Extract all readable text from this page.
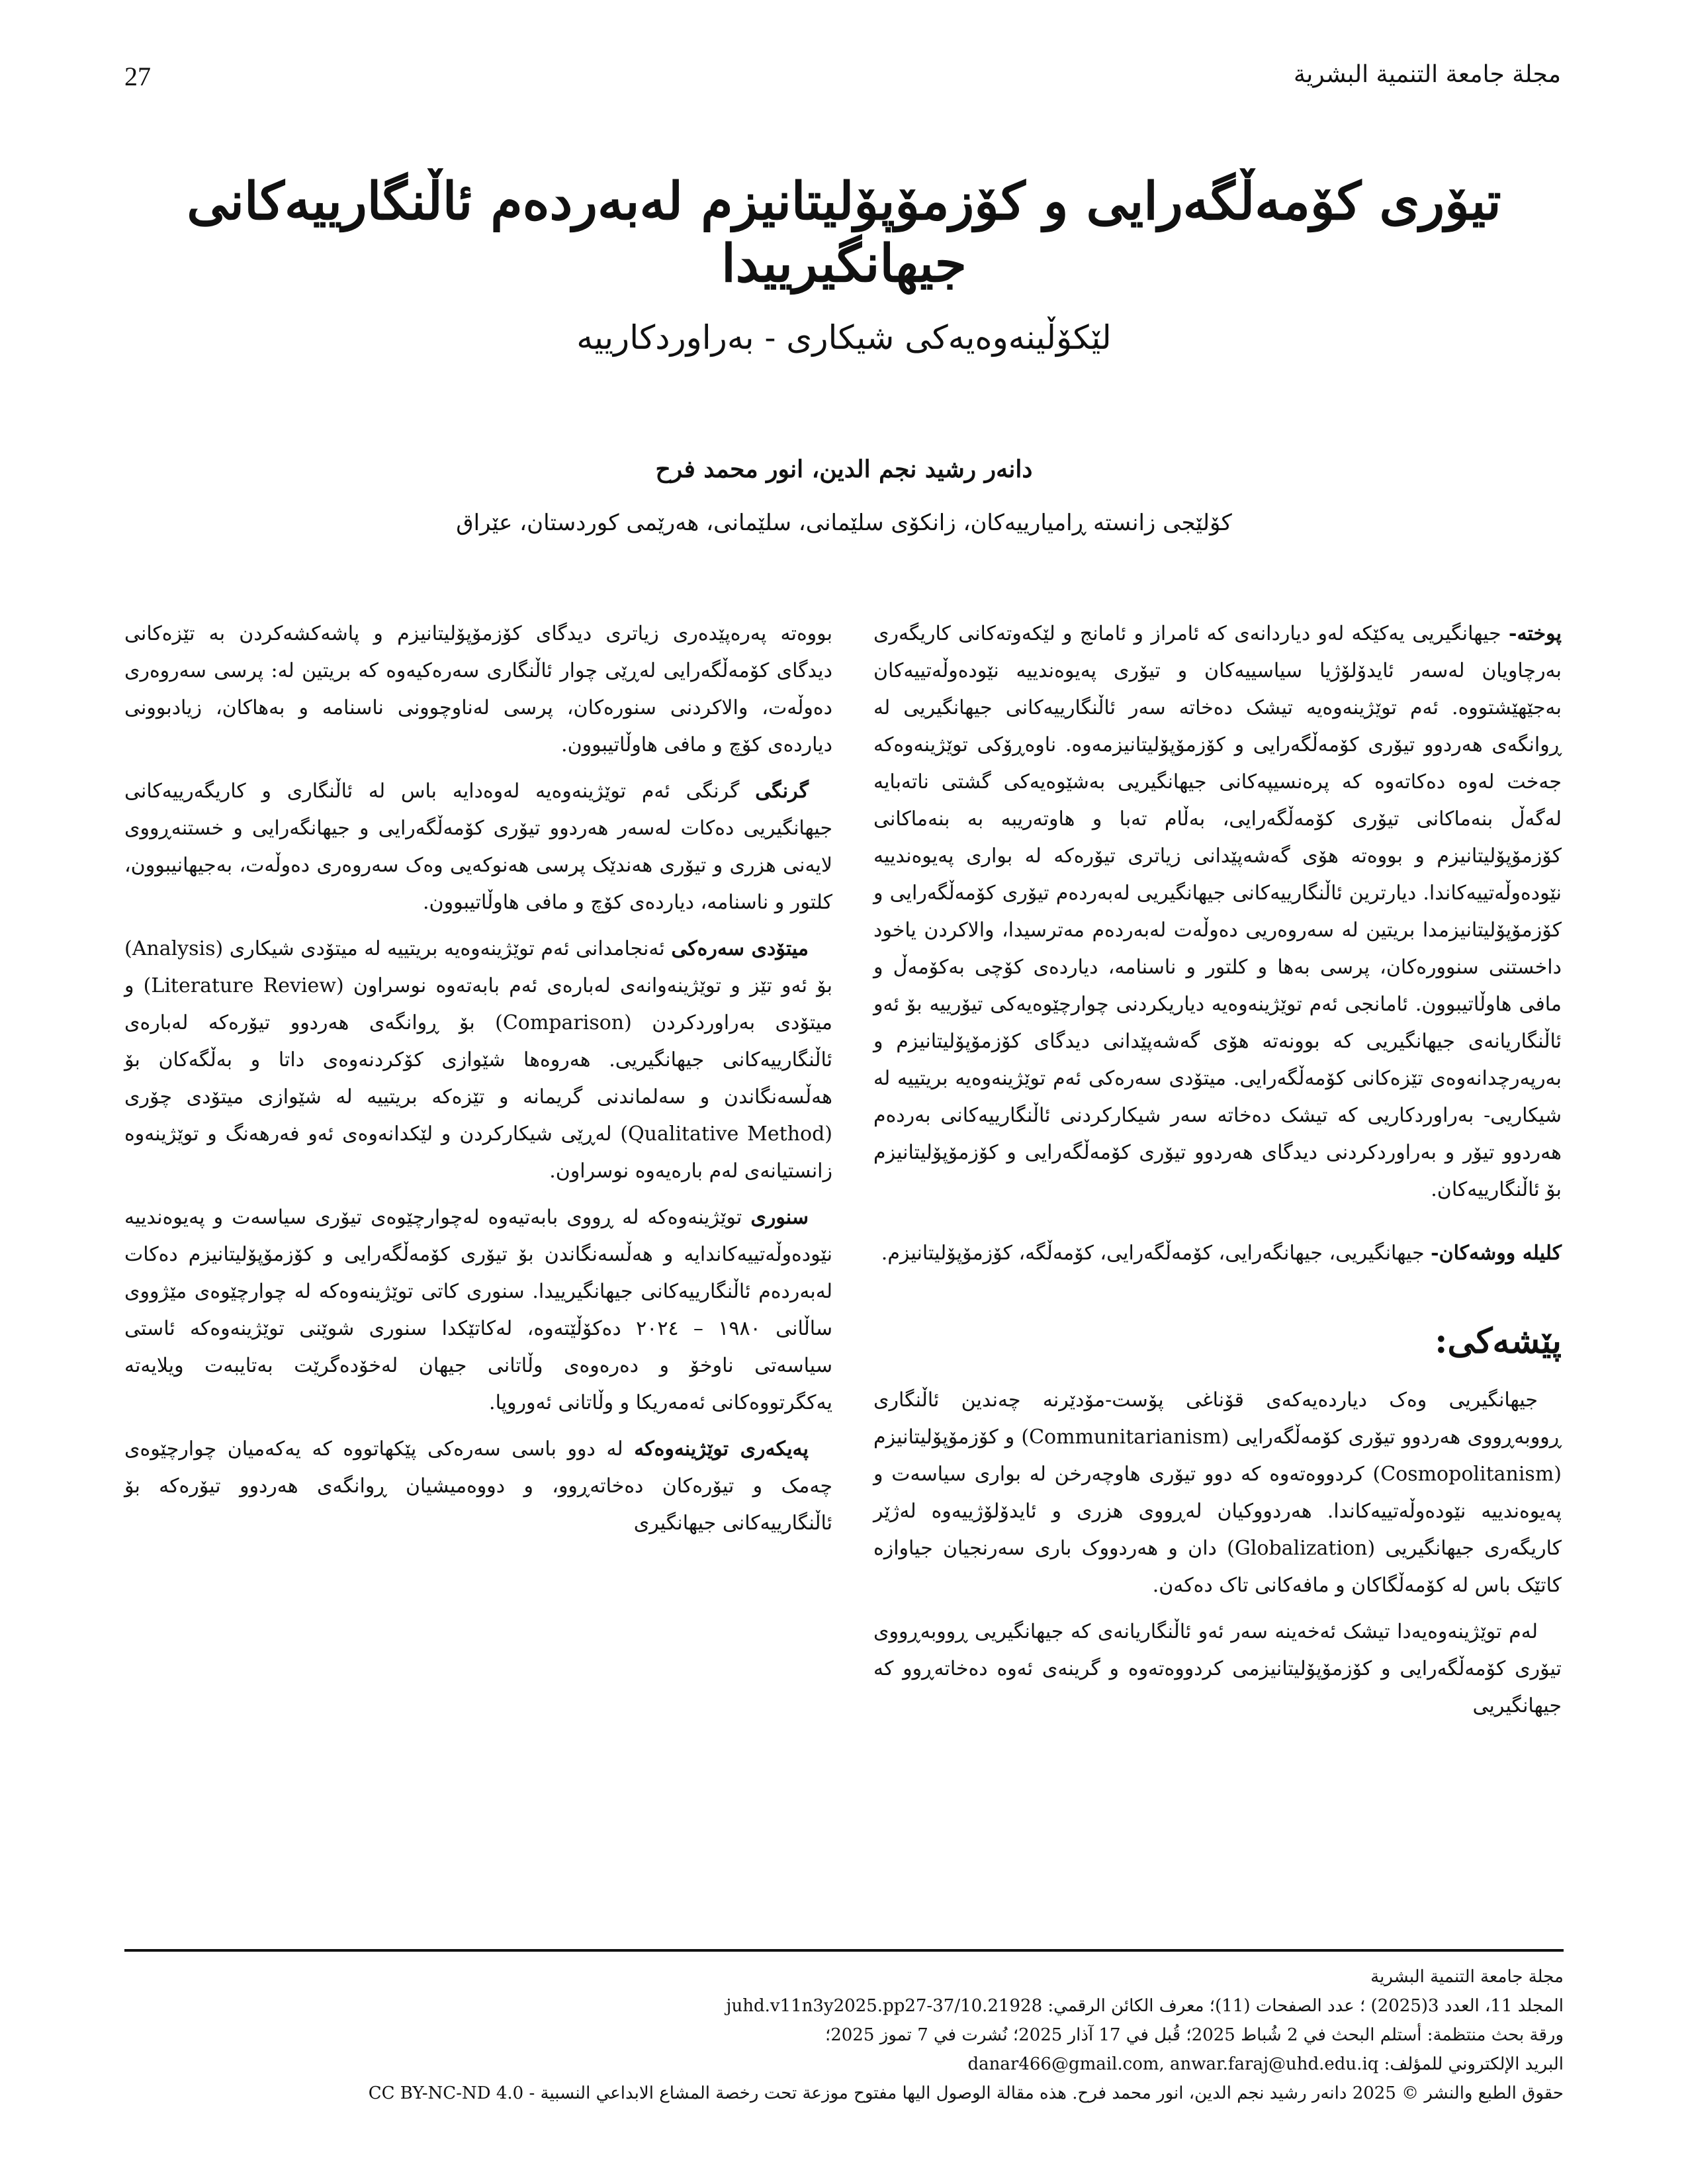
27	مجلة جامعة التنمية البشرية
تیۆری کۆمەڵگەرایی و کۆزمۆپۆلیتانیزم لەبەردەم ئاڵنگارییەکانی جیهانگیرییدا
لێکۆڵینەوەیەکی شیکاری - بەراوردکارییە
دانەر رشید نجم الدین، انور محمد فرح
کۆلێجی زانستە ڕامیارییەکان، زانکۆی سلێمانی، سلێمانی، هەرێمی کوردستان، عێراق

پوختە- جیهانگیریی یەکێکە لەو دیاردانەی کە ئامراز و ئامانج و لێکەوتەکانی کاریگەری بەرچاویان لەسەر ئایدۆلۆژیا سیاسییەکان و تیۆری پەیوەندییە نێودەوڵەتییەکان بەجێهێشتووە. ئەم توێژینەوەیە تیشک دەخاتە سەر ئاڵنگارییەکانی جیهانگیریی لە ڕوانگەی هەردوو تیۆری کۆمەڵگەرایی و کۆزمۆپۆلیتانیزمەوە. ناوەڕۆکی توێژینەوەکە جەخت لەوە دەکاتەوە کە پرەنسیپەکانی جیهانگیریی بەشێوەیەکی گشتی ناتەبایە لەگەڵ بنەماکانی تیۆری کۆمەڵگەرایی، بەڵام تەبا و هاوتەریبە بە بنەماکانی کۆزمۆپۆلیتانیزم و بووەتە هۆی گەشەپێدانی زیاتری تیۆرەکە لە بواری پەیوەندییە نێودەوڵەتییەکاندا. دیارترین ئاڵنگارییەکانی جیهانگیریی لەبەردەم تیۆری کۆمەڵگەرایی و کۆزمۆپۆلیتانیزمدا بریتین لە سەروەریی دەوڵەت لەبەردەم مەترسیدا، والاکردن یاخود داخستنی سنوورەکان، پرسی بەها و کلتور و ناسنامە، دیاردەی کۆچی بەکۆمەڵ و مافی هاوڵاتیبوون. ئامانجی ئەم توێژینەوەیە دیاریکردنی چوارچێوەیەکی تیۆرییە بۆ ئەو ئاڵنگاریانەی جیهانگیریی کە بوونەتە هۆی گەشەپێدانی دیدگای کۆزمۆپۆلیتانیزم و بەرپەرچدانەوەی تێزەکانی کۆمەڵگەرایی. میتۆدی سەرەکی ئەم توێژینەوەیە بریتییە لە شیکاریی- بەراوردکاریی کە تیشک دەخاتە سەر شیکارکردنی ئاڵنگارییەکانی بەردەم هەردوو تیۆر و بەراوردکردنی دیدگای هەردوو تیۆری کۆمەڵگەرایی و کۆزمۆپۆلیتانیزم بۆ ئاڵنگارییەکان.

کلیلە ووشەکان- جیهانگیریی، جیهانگەرایی، کۆمەڵگەرایی، کۆمەڵگە، کۆزمۆپۆلیتانیزم.

پێشەکی:

جیهانگیریی وەک دیاردەیەکەی قۆناغی پۆست-مۆدێرنە چەندین ئاڵنگاری ڕووبەڕووی هەردوو تیۆری کۆمەڵگەرایی (Communitarianism) و کۆزمۆپۆلیتانیزم (Cosmopolitanism) کردووەتەوە کە دوو تیۆری هاوچەرخن لە بواری سیاسەت و پەیوەندییە نێودەوڵەتییەکاندا. هەردووکیان لەڕووی هزری و ئایدۆلۆژییەوە لەژێر کاریگەری جیهانگیریی (Globalization) دان و هەردووک باری سەرنجیان جیاوازە کاتێک باس لە کۆمەڵگاکان و مافەکانی تاک دەکەن.

لەم توێژینەوەیەدا تیشک ئەخەینە سەر ئەو ئاڵنگاریانەی کە جیهانگیریی ڕووبەڕووی تیۆری کۆمەڵگەرایی و کۆزمۆپۆلیتانیزمی کردووەتەوە و گرینەی ئەوە دەخاتەڕوو کە جیهانگیریی

بووەتە پەرەپێدەری زیاتری دیدگای کۆزمۆپۆلیتانیزم و پاشەکشەکردن بە تێزەکانی دیدگای کۆمەڵگەرایی لەڕێی چوار ئاڵنگاری سەرەکیەوە کە بریتین لە: پرسی سەروەری دەوڵەت، والاکردنی سنورەکان، پرسی لەناوچوونی ناسنامە و بەهاکان، زیادبوونی دیاردەی کۆچ و مافی هاوڵاتیبوون.

گرنگی گرنگی ئەم توێژینەوەیە لەوەدایە باس لە ئاڵنگاری و کاریگەرییەکانی جیهانگیریی دەکات لەسەر هەردوو تیۆری کۆمەڵگەرایی و جیهانگەرایی و خستنەڕووی لایەنی هزری و تیۆری هەندێک پرسی هەنوکەیی وەک سەروەری دەوڵەت، بەجیهانیبوون، کلتور و ناسنامە، دیاردەی کۆچ و مافی هاوڵاتیبوون.

میتۆدی سەرەکی ئەنجامدانی ئەم توێژینەوەیە بریتییە لە میتۆدی شیکاری (Analysis) بۆ ئەو تێز و توێژینەوانەی لەبارەی ئەم بابەتەوە نوسراون (Literature Review) و میتۆدی بەراوردکردن (Comparison) بۆ ڕوانگەی هەردوو تیۆرەکە لەبارەی ئاڵنگارییەکانی جیهانگیریی. هەروەها شێوازی کۆکردنەوەی داتا و بەڵگەکان بۆ هەڵسەنگاندن و سەلماندنی گریمانە و تێزەکە بریتییە لە شێوازی میتۆدی چۆری (Qualitative Method) لەڕێی شیکارکردن و لێکدانەوەی ئەو فەرهەنگ و توێژینەوە زانستیانەی لەم بارەیەوە نوسراون.

سنوری توێژینەوەکە لە ڕووی بابەتیەوە لەچوارچێوەی تیۆری سیاسەت و پەیوەندییە نێودەوڵەتییەکاندایە و هەڵسەنگاندن بۆ تیۆری کۆمەڵگەرایی و کۆزمۆپۆلیتانیزم دەکات لەبەردەم ئاڵنگارییەکانی جیهانگیرییدا. سنوری کاتی توێژینەوەکە لە چوارچێوەی مێژووی ساڵانی ١٩٨٠ – ٢٠٢٤ دەکۆڵێتەوە، لەکاتێکدا سنوری شوێنی توێژینەوەکە ئاستی سیاسەتی ناوخۆ و دەرەوەی وڵاتانی جیهان لەخۆدەگرێت بەتایبەت ویلایەتە یەکگرتووەکانی ئەمەریکا و وڵاتانی ئەوروپا.

پەیکەری توێژینەوەکە لە دوو باسی سەرەکی پێکهاتووە کە یەکەمیان چوارچێوەی چەمک و تیۆرەکان دەخاتەڕوو، و دووەمیشیان ڕوانگەی هەردوو تیۆرەکە بۆ ئاڵنگارییەکانی جیهانگیری

مجلة جامعة التنمية البشرية
المجلد 11، العدد 3(2025) ؛ عدد الصفحات (11)؛ معرف الكائن الرقمي: 10.21928/juhd.v11n3y2025.pp27-37
ورقة بحث منتظمة: أستلم البحث في 2 شُباط 2025؛ قُبل في 17 آذار 2025؛ نُشرت في 7 تموز 2025؛
البريد الإلكتروني للمؤلف: danar466@gmail.com, anwar.faraj@uhd.edu.iq
حقوق الطبع والنشر © 2025 دانەر رشيد نجم الدين، انور محمد فرح. هذه مقالة الوصول اليها مفتوح موزعة تحت رخصة المشاع الابداعي النسبية - CC BY-NC-ND 4.0
